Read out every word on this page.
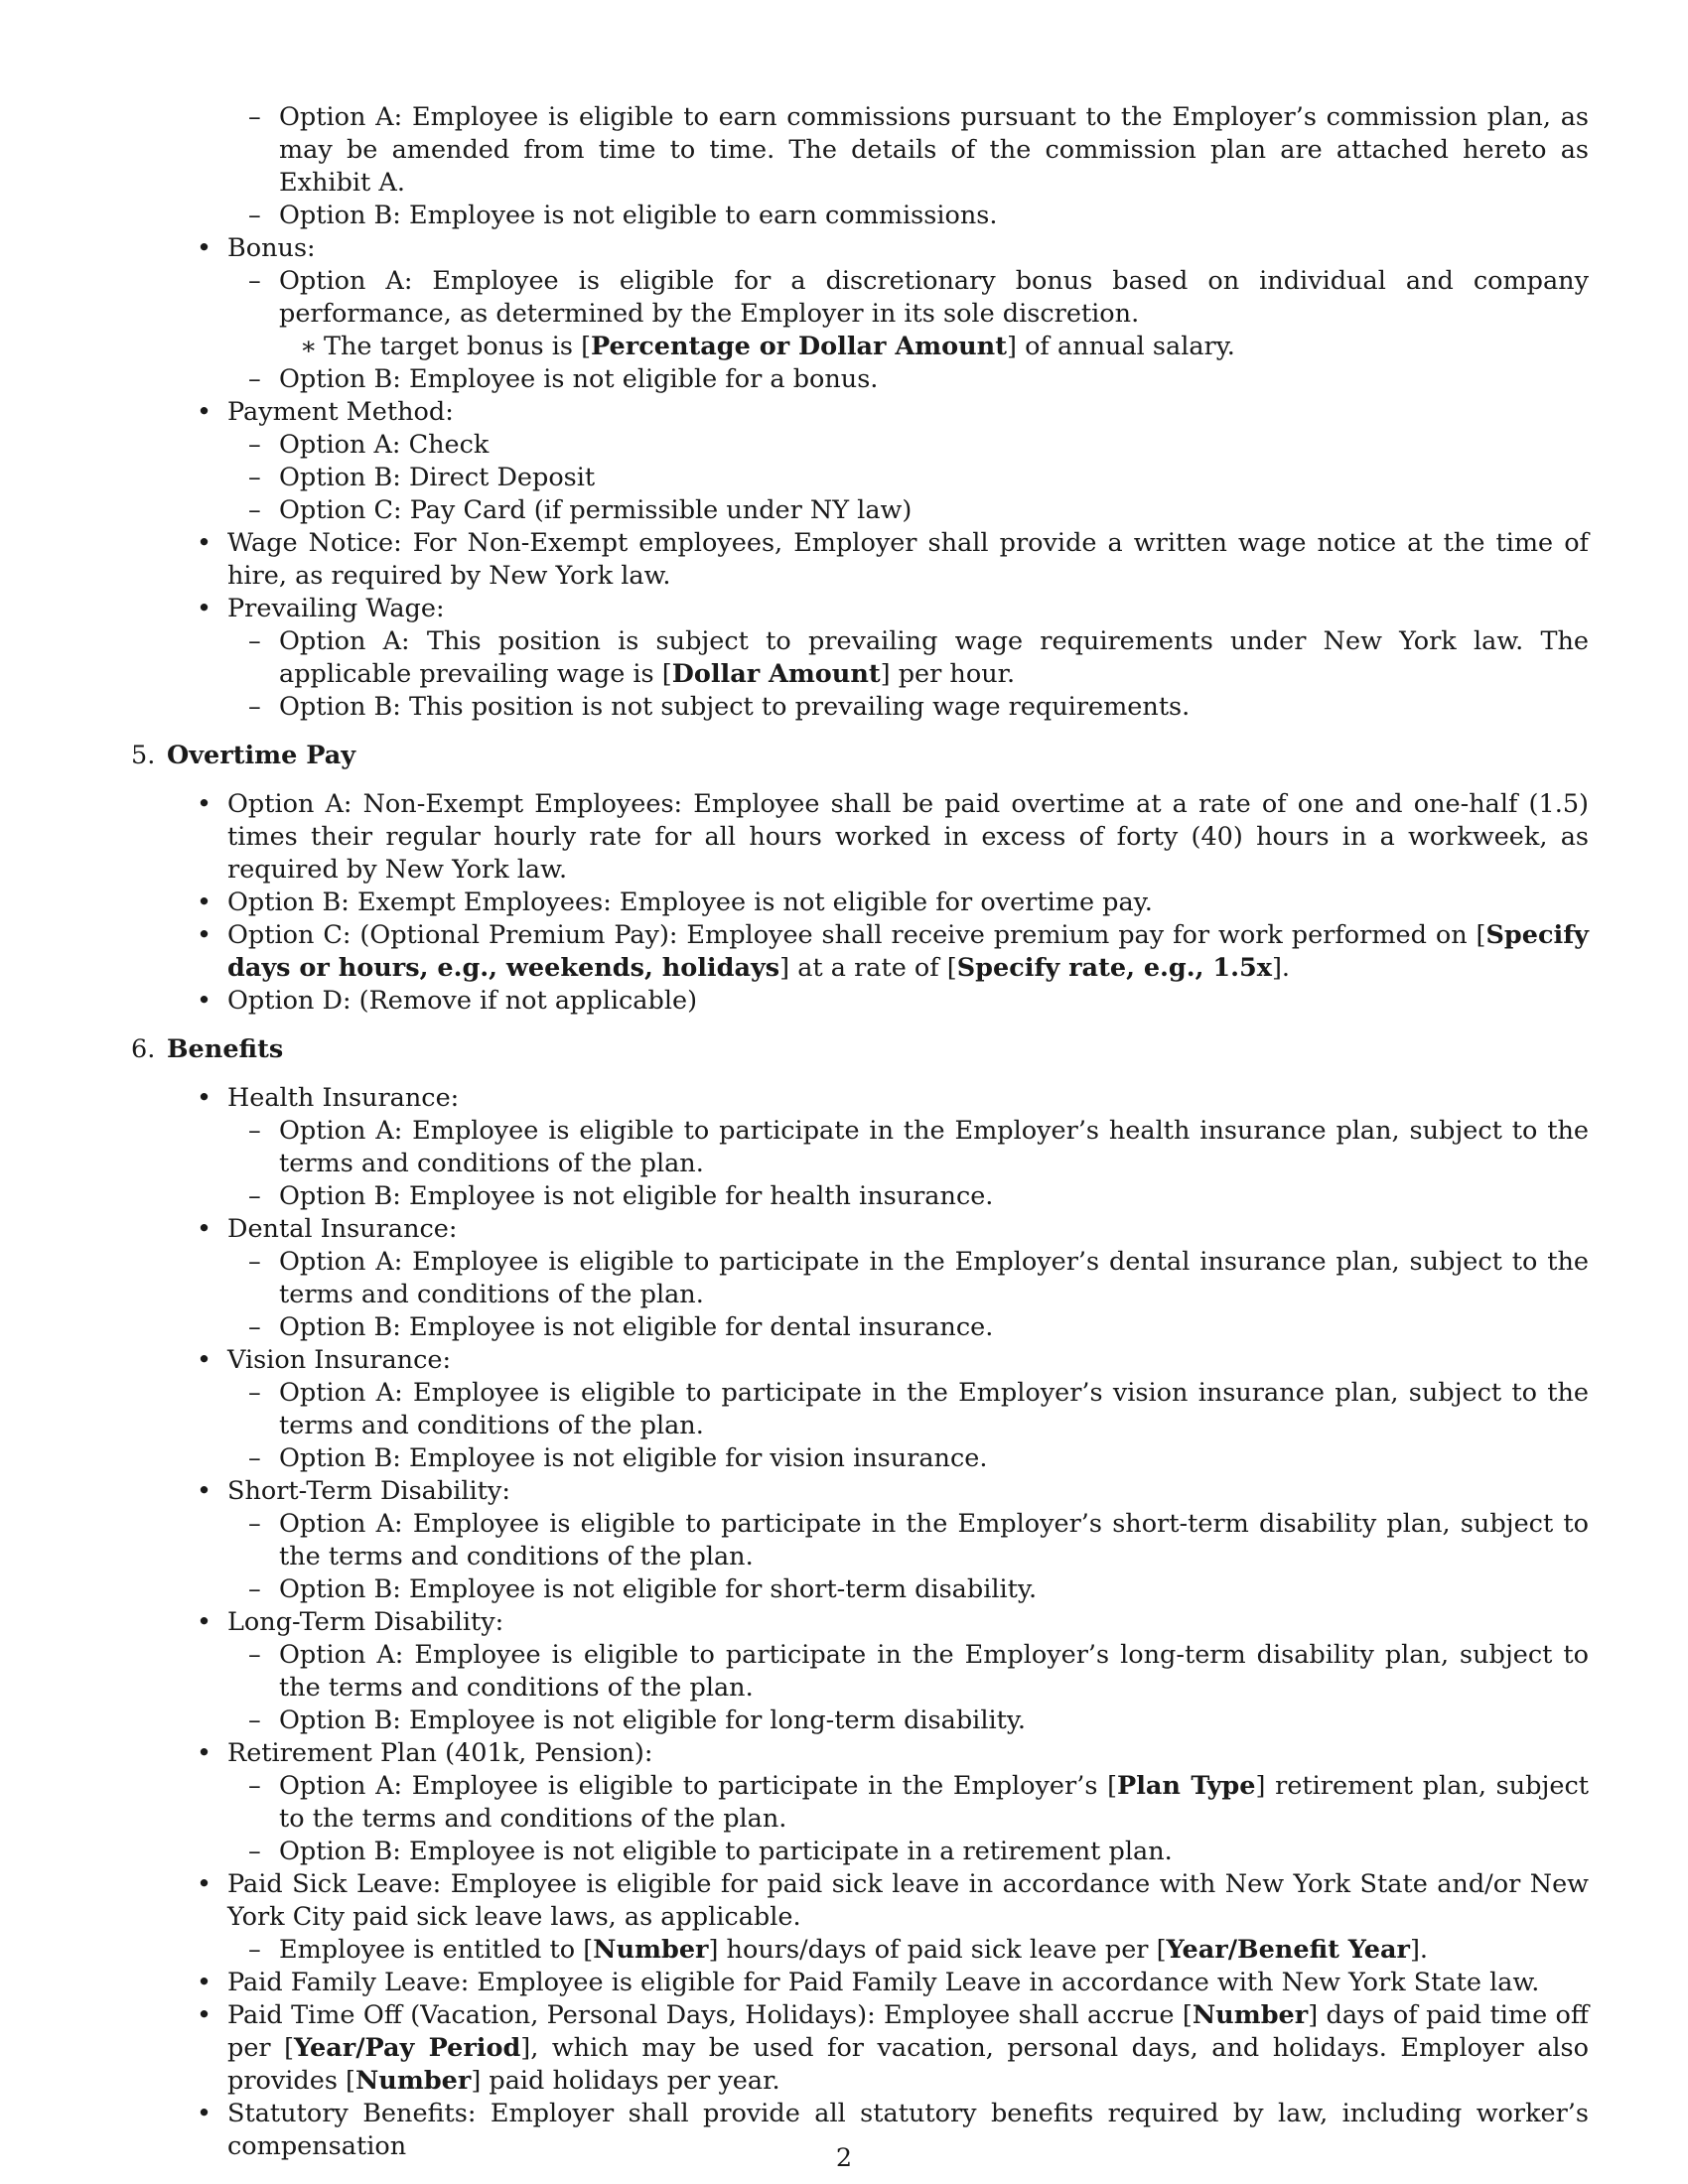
– Option A: Employee is eligible to earn commissions pursuant to the Employer’s commission plan, as may be amended from time to time. The details of the commission plan are attached hereto as Exhibit A.
– Option B: Employee is not eligible to earn commissions.
• Bonus:
– Option A: Employee is eligible for a discretionary bonus based on individual and company performance, as determined by the Employer in its sole discretion.
∗ The target bonus is [Percentage or Dollar Amount] of annual salary.
– Option B: Employee is not eligible for a bonus.
• Payment Method:
– Option A: Check
– Option B: Direct Deposit
– Option C: Pay Card (if permissible under NY law)
• Wage Notice: For Non-Exempt employees, Employer shall provide a written wage notice at the time of hire, as required by New York law.
• Prevailing Wage:
– Option A: This position is subject to prevailing wage requirements under New York law. The applicable prevailing wage is [Dollar Amount] per hour.
– Option B: This position is not subject to prevailing wage requirements.
5. Overtime Pay
• Option A: Non-Exempt Employees: Employee shall be paid overtime at a rate of one and one-half (1.5) times their regular hourly rate for all hours worked in excess of forty (40) hours in a workweek, as required by New York law.
• Option B: Exempt Employees: Employee is not eligible for overtime pay.
• Option C: (Optional Premium Pay): Employee shall receive premium pay for work performed on [Specify days or hours, e.g., weekends, holidays] at a rate of [Specify rate, e.g., 1.5x].
• Option D: (Remove if not applicable)
6. Benefits
• Health Insurance:
– Option A: Employee is eligible to participate in the Employer’s health insurance plan, subject to the terms and conditions of the plan.
– Option B: Employee is not eligible for health insurance.
• Dental Insurance:
– Option A: Employee is eligible to participate in the Employer’s dental insurance plan, subject to the terms and conditions of the plan.
– Option B: Employee is not eligible for dental insurance.
• Vision Insurance:
– Option A: Employee is eligible to participate in the Employer’s vision insurance plan, subject to the terms and conditions of the plan.
– Option B: Employee is not eligible for vision insurance.
• Short-Term Disability:
– Option A: Employee is eligible to participate in the Employer’s short-term disability plan, subject to the terms and conditions of the plan.
– Option B: Employee is not eligible for short-term disability.
• Long-Term Disability:
– Option A: Employee is eligible to participate in the Employer’s long-term disability plan, subject to the terms and conditions of the plan.
– Option B: Employee is not eligible for long-term disability.
• Retirement Plan (401k, Pension):
– Option A: Employee is eligible to participate in the Employer’s [Plan Type] retirement plan, subject to the terms and conditions of the plan.
– Option B: Employee is not eligible to participate in a retirement plan.
• Paid Sick Leave: Employee is eligible for paid sick leave in accordance with New York State and/or New York City paid sick leave laws, as applicable.
– Employee is entitled to [Number] hours/days of paid sick leave per [Year/Benefit Year].
• Paid Family Leave: Employee is eligible for Paid Family Leave in accordance with New York State law.
• Paid Time Off (Vacation, Personal Days, Holidays): Employee shall accrue [Number] days of paid time off per [Year/Pay Period], which may be used for vacation, personal days, and holidays. Employer also provides [Number] paid holidays per year.
• Statutory Benefits: Employer shall provide all statutory benefits required by law, including worker’s compensation	2
